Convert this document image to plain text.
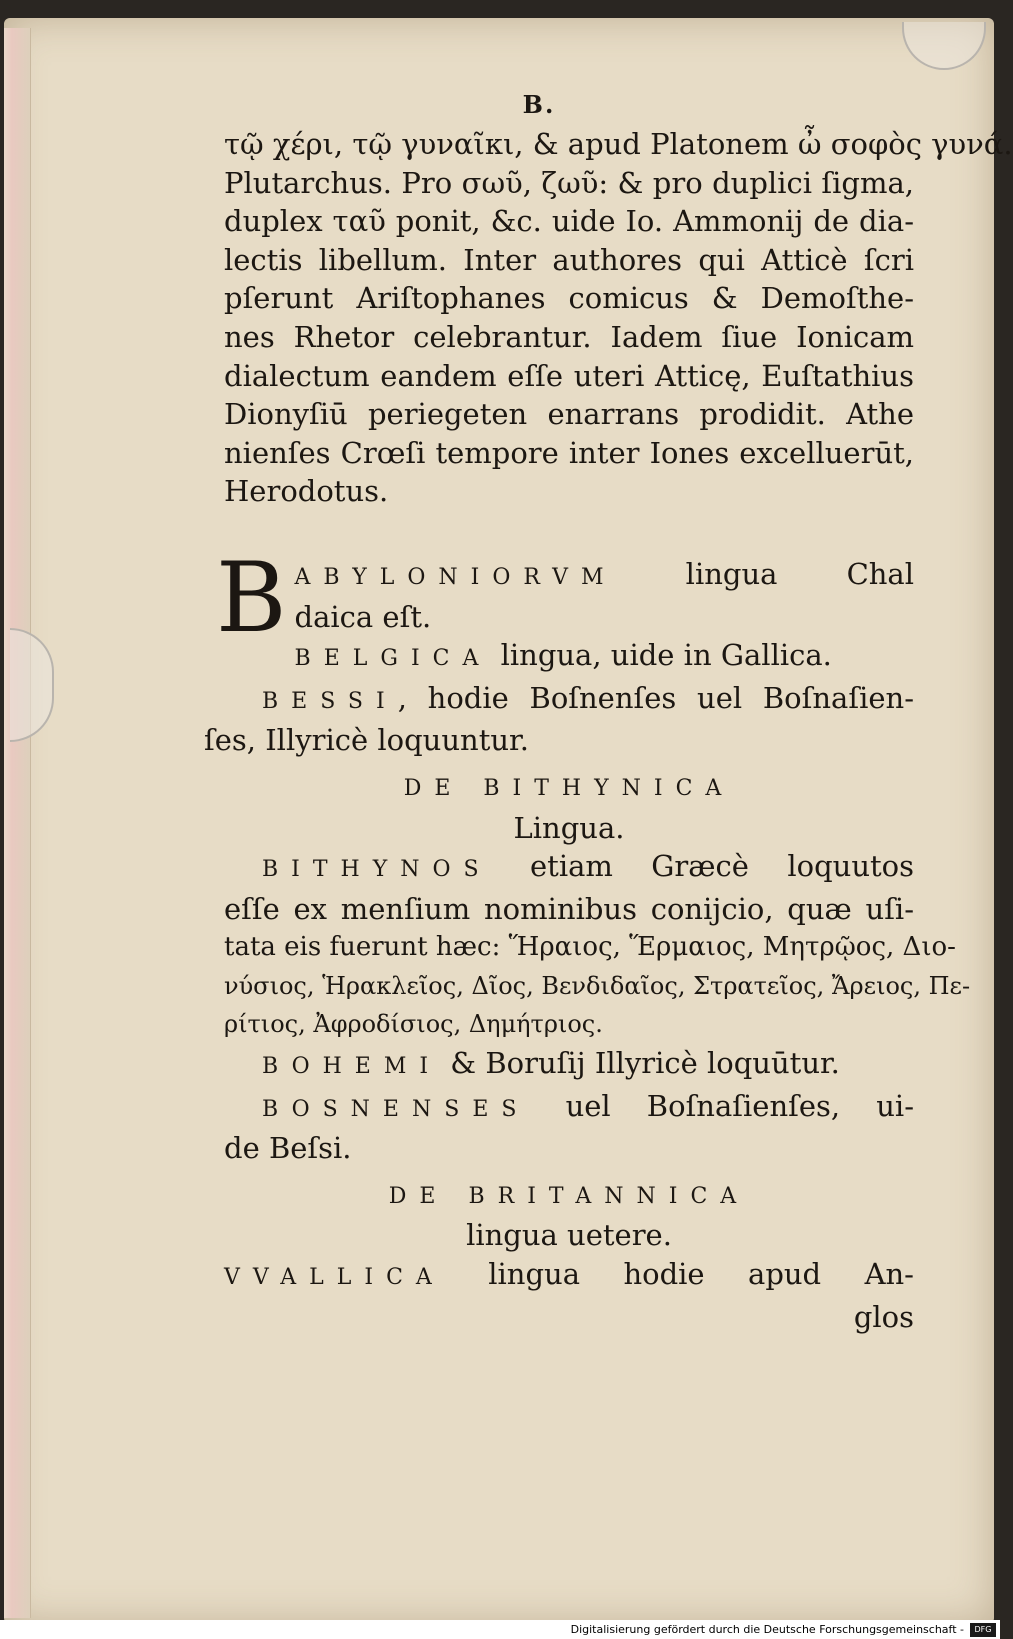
B.
τῷ χέρι, τῷ γυναῖκι, & apud Platonem ὦ σοφὸς γυνά.
Plutarchus. Pro σωῦ, ζωῦ: & pro duplici ſigma,
duplex ταῦ ponit, &c. uide Io. Ammonij de dia-
lectis libellum. Inter authores qui Atticè ſcri
pſerunt Ariſtophanes comicus & Demoſthe-
nes Rhetor celebrantur. Iadem ſiue Ionicam
dialectum eandem eſſe uteri Atticę, Euſtathius
Dionyſiū periegeten enarrans prodidit. Athe
nienſes Crœſi tempore inter Iones excelluerūt,
Herodotus.
B ABYLONIORVM lingua Chal
daica eſt.
BELGICA lingua, uide in Gallica.
BESSI, hodie Boſnenſes uel Boſnaſien-
ſes, Illyricè loquuntur.
DE BITHYNICA
Lingua.
BITHYNOS etiam Græcè loquutos
eſſe ex menſium nominibus conijcio, quæ uſi-
tata eis fuerunt hæc: Ἥραιος, Ἕρμαιος, Μητρῷος, Διο-
νύσιος, Ἡρακλεῖος, Δῖος, Βενδιδαῖος, Στρατεῖος, Ἄρειος, Πε-
ρίτιος, Ἀφροδίσιος, Δημήτριος.
BOHEMI & Boruſij Illyricè loquūtur.
BOSNENSES uel Boſnaſienſes, ui-
de Beſsi.
DE BRITANNICA
lingua uetere.
VVALLICA lingua hodie apud An-
glos
Digitalisierung gefördert durch die Deutsche Forschungsgemeinschaft - DFG
